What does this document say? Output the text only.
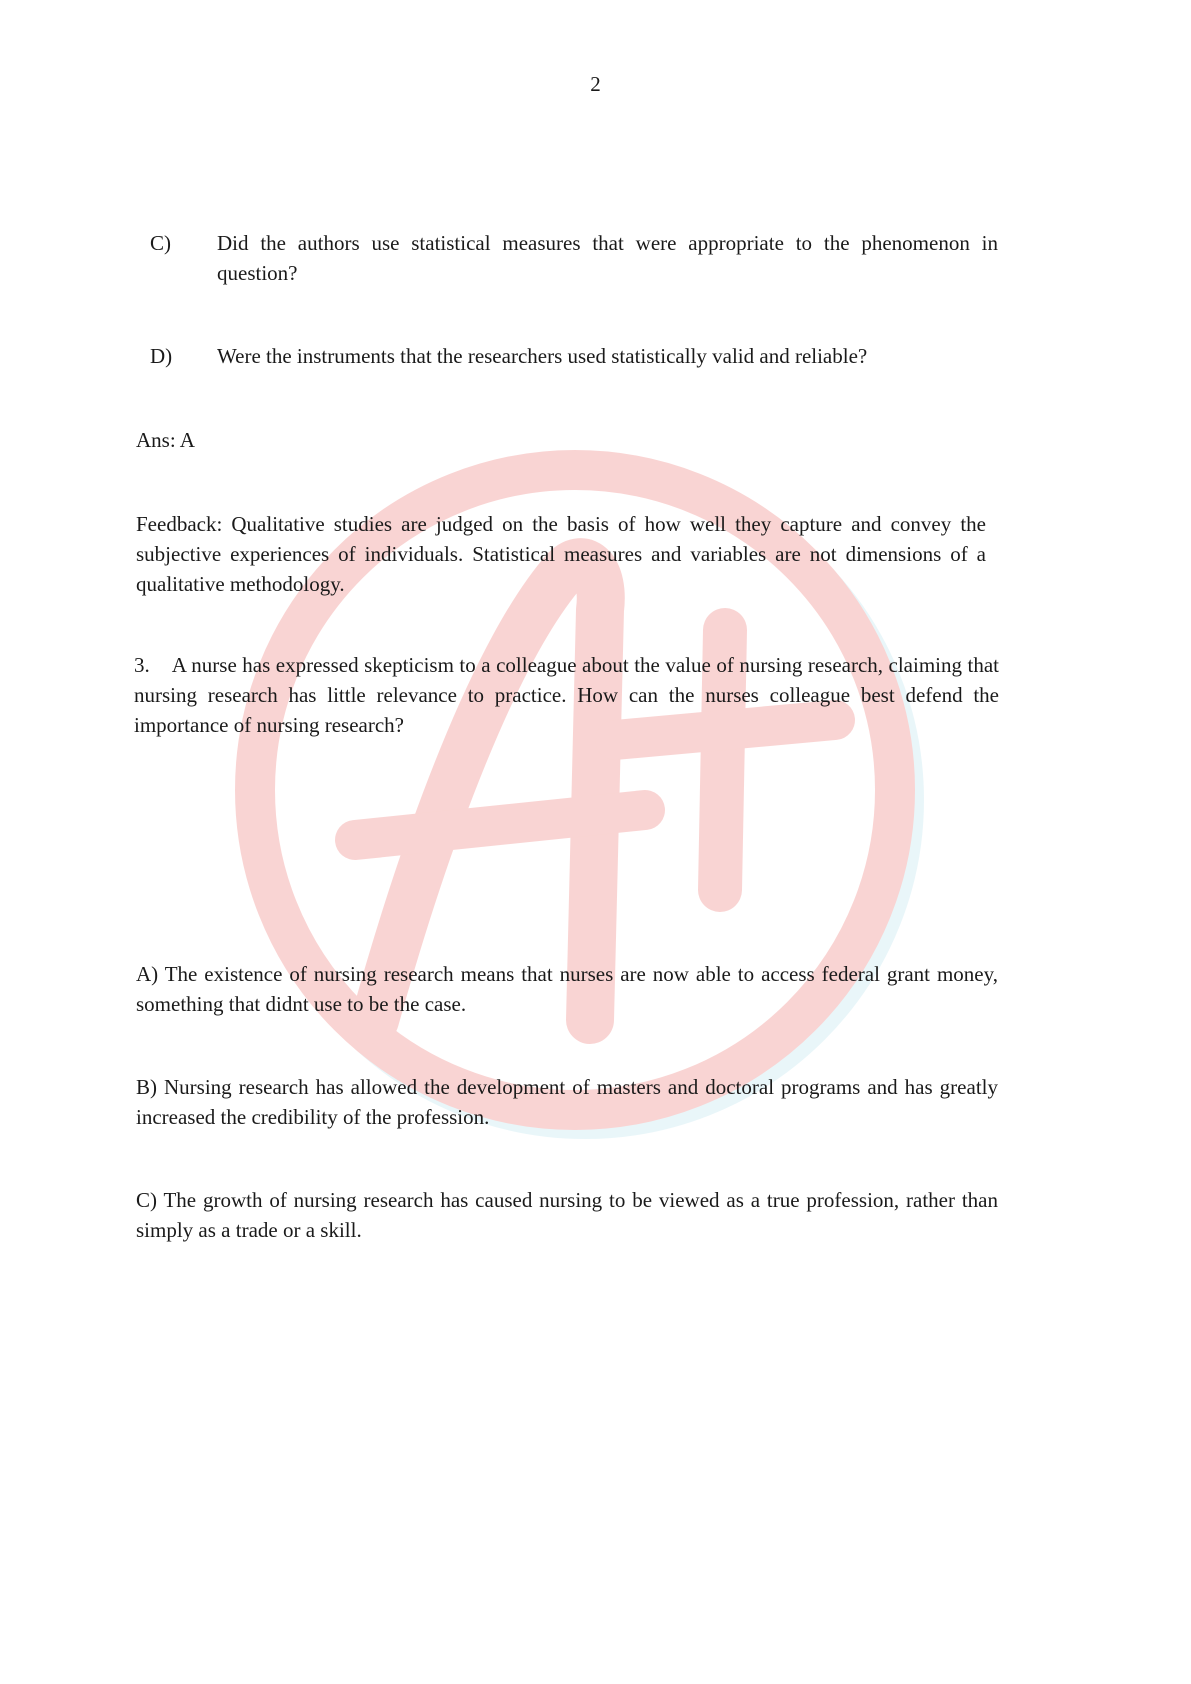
2
C) Did the authors use statistical measures that were appropriate to the phenomenon in question?
D) Were the instruments that the researchers used statistically valid and reliable?
Ans: A
Feedback: Qualitative studies are judged on the basis of how well they capture and convey the subjective experiences of individuals. Statistical measures and variables are not dimensions of a qualitative methodology.
3. A nurse has expressed skepticism to a colleague about the value of nursing research, claiming that nursing research has little relevance to practice. How can the nurses colleague best defend the importance of nursing research?
A) The existence of nursing research means that nurses are now able to access federal grant money, something that didnt use to be the case.
B) Nursing research has allowed the development of masters and doctoral programs and has greatly increased the credibility of the profession.
C) The growth of nursing research has caused nursing to be viewed as a true profession, rather than simply as a trade or a skill.
